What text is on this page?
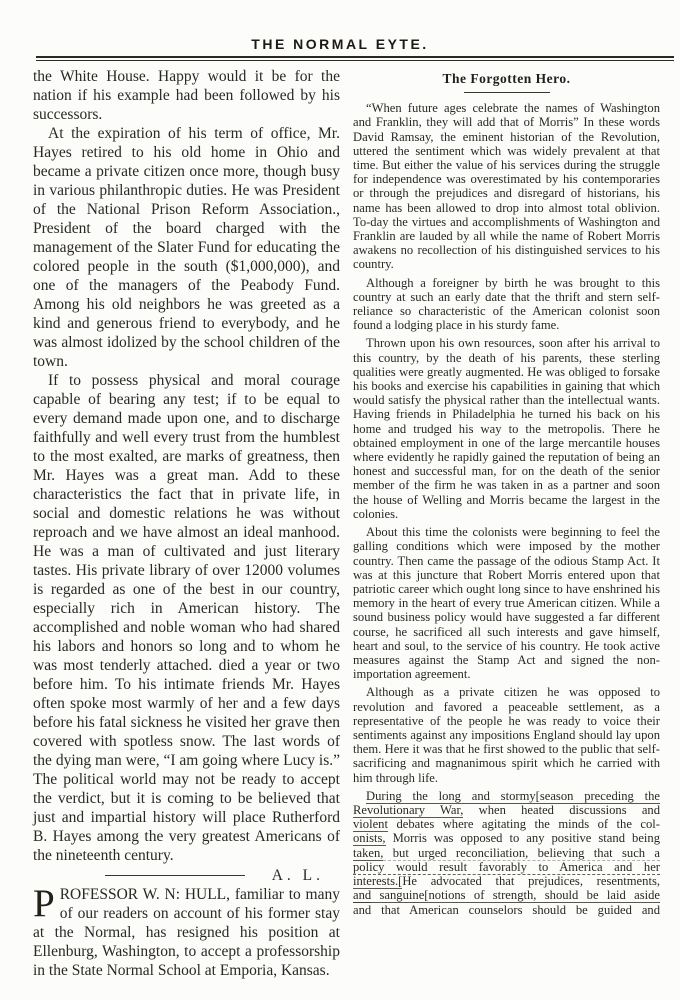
THE NORMAL EYTE.

the White House. Happy would it be for the nation if his example had been followed by his successors.

At the expiration of his term of office, Mr. Hayes retired to his old home in Ohio and became a private citizen once more, though busy in various philanthropic duties. He was President of the National Prison Reform Association., President of the board charged with the management of the Slater Fund for educating the colored people in the south ($1,000,000), and one of the managers of the Peabody Fund. Among his old neighbors he was greeted as a kind and generous friend to everybody, and he was almost idolized by the school children of the town.

If to possess physical and moral courage capable of bearing any test; if to be equal to every demand made upon one, and to discharge faithfully and well every trust from the humblest to the most exalted, are marks of greatness, then Mr. Hayes was a great man. Add to these characteristics the fact that in private life, in social and domestic relations he was without reproach and we have almost an ideal manhood. He was a man of cultivated and just literary tastes. His private library of over 12000 volumes is regarded as one of the best in our country, especially rich in American history. The accomplished and noble woman who had shared his labors and honors so long and to whom he was most tenderly attached. died a year or two before him. To his intimate friends Mr. Hayes often spoke most warmly of her and a few days before his fatal sickness he visited her grave then covered with spotless snow. The last words of the dying man were, “I am going where Lucy is.” The political world may not be ready to accept the verdict, but it is coming to be believed that just and impartial history will place Rutherford B. Hayes among the very greatest Americans of the nineteenth century.

A. L.

PROFESSOR W. N: HULL, familiar to many of our readers on account of his former stay at the Normal, has resigned his position at Ellenburg, Washington, to accept a professorship in the State Normal School at Emporia, Kansas.

The Forgotten Hero.

“When future ages celebrate the names of Washington and Franklin, they will add that of Morris” In these words David Ramsay, the eminent historian of the Revolution, uttered the sentiment which was widely prevalent at that time. But either the value of his services during the struggle for independence was overestimated by his contemporaries or through the prejudices and disregard of historians, his name has been allowed to drop into almost total oblivion. To-day the virtues and accomplishments of Washington and Franklin are lauded by all while the name of Robert Morris awakens no recollection of his distinguished services to his country.

Although a foreigner by birth he was brought to this country at such an early date that the thrift and stern self-reliance so characteristic of the American colonist soon found a lodging place in his sturdy fame.

Thrown upon his own resources, soon after his arrival to this country, by the death of his parents, these sterling qualities were greatly augmented. He was obliged to forsake his books and exercise his capabilities in gaining that which would satisfy the physical rather than the intellectual wants. Having friends in Philadelphia he turned his back on his home and trudged his way to the metropolis. There he obtained employment in one of the large mercantile houses where evidently he rapidly gained the reputation of being an honest and successful man, for on the death of the senior member of the firm he was taken in as a partner and soon the house of Welling and Morris became the largest in the colonies.

About this time the colonists were beginning to feel the galling conditions which were imposed by the mother country. Then came the passage of the odious Stamp Act. It was at this juncture that Robert Morris entered upon that patriotic career which ought long since to have enshrined his memory in the heart of every true American citizen. While a sound business policy would have suggested a far different course, he sacrificed all such interests and gave himself, heart and soul, to the service of his country. He took active measures against the Stamp Act and signed the non-importation agreement.

Although as a private citizen he was opposed to revolution and favored a peaceable settlement, as a representative of the people he was ready to voice their sentiments against any impositions England should lay upon them. Here it was that he first showed to the public that self-sacrificing and magnanimous spirit which he carried with him through life.

During the long and stormy[season preceding the
Revolutionary War, when heated discussions and
violent debates where agitating the minds of the col-
onists, Morris was opposed to any positive stand being
taken, but urged reconciliation, believing that such a
policy would result favorably to America and her
interests.[He advocated that prejudices, resentments,
and sanguine[notions of strength, should be laid aside
and that American counselors should be guided and
